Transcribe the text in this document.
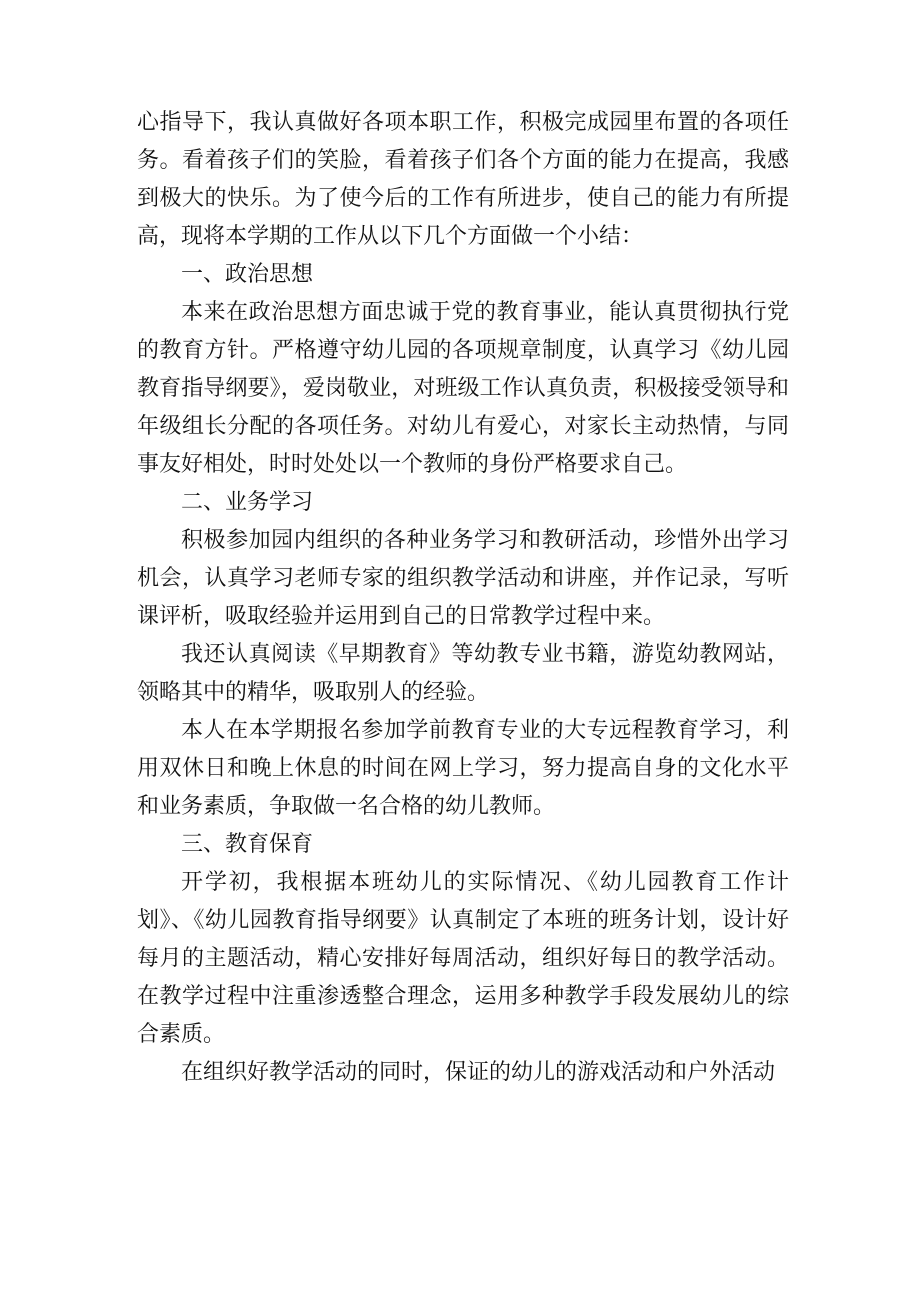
心指导下，我认真做好各项本职工作，积极完成园里布置的各项任务。看着孩子们的笑脸，看着孩子们各个方面的能力在提高，我感到极大的快乐。为了使今后的工作有所进步，使自己的能力有所提高，现将本学期的工作从以下几个方面做一个小结：

一、政治思想

本来在政治思想方面忠诚于党的教育事业，能认真贯彻执行党的教育方针。严格遵守幼儿园的各项规章制度，认真学习《幼儿园教育指导纲要》，爱岗敬业，对班级工作认真负责，积极接受领导和年级组长分配的各项任务。对幼儿有爱心，对家长主动热情，与同事友好相处，时时处处以一个教师的身份严格要求自己。

二、业务学习

积极参加园内组织的各种业务学习和教研活动，珍惜外出学习机会，认真学习老师专家的组织教学活动和讲座，并作记录，写听课评析，吸取经验并运用到自己的日常教学过程中来。

我还认真阅读《早期教育》等幼教专业书籍，游览幼教网站，领略其中的精华，吸取别人的经验。

本人在本学期报名参加学前教育专业的大专远程教育学习，利用双休日和晚上休息的时间在网上学习，努力提高自身的文化水平和业务素质，争取做一名合格的幼儿教师。

三、教育保育

开学初，我根据本班幼儿的实际情况、《幼儿园教育工作计划》、《幼儿园教育指导纲要》认真制定了本班的班务计划，设计好每月的主题活动，精心安排好每周活动，组织好每日的教学活动。在教学过程中注重渗透整合理念，运用多种教学手段发展幼儿的综合素质。

在组织好教学活动的同时，保证的幼儿的游戏活动和户外活动
